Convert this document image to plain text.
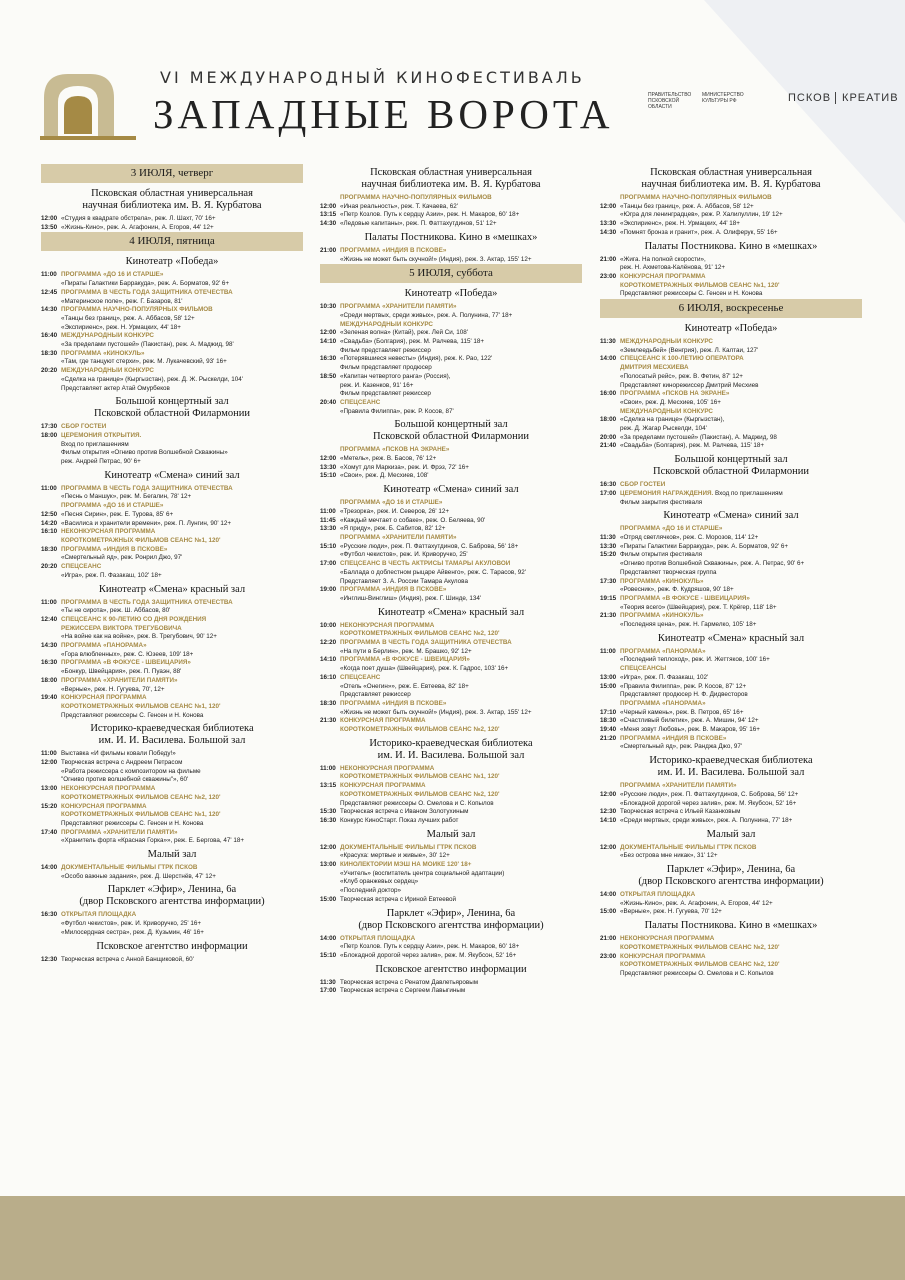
VI МЕЖДУНАРОДНЫЙ КИНОФЕСТИВАЛЬ
ЗАПАДНЫЕ ВОРОТА	ПРАВИТЕЛЬСТВО ПСКОВСКОЙ ОБЛАСТИ
МИНИСТЕРСТВО КУЛЬТУРЫ РФ	ПСКОВ КРЕАТИВ
3 ИЮЛЯ, четверг
Псковская областная универсальная
научная библиотека им. В. Я. Курбатова
12:00 «Студия в квадрате обстрела», реж. Л. Шахт, 70' 16+
13:50 «Жизнь-Кино», реж. А. Агафонин, А. Егоров, 44' 12+
4 ИЮЛЯ, пятница
Кинотеатр «Победа»
11:00 ПРОГРАММА «ДО 16 И СТАРШЕ»
«Пираты Галактики Барракуда», реж. А. Борматов, 92' 6+
12:45 ПРОГРАММА В ЧЕСТЬ ГОДА ЗАЩИТНИКА ОТЕЧЕСТВА
«Материнское поле», реж. Г. Базаров, 81'
14:30 ПРОГРАММА НАУЧНО-ПОПУЛЯРНЫХ ФИЛЬМОВ
«Танцы без границ», реж. А. Аббасов, 58' 12+
«Экспириенс», реж. Н. Урмацких, 44' 18+
16:40 МЕЖДУНАРОДНЫЙ КОНКУРС
«За пределами пустошей» (Пакистан), реж. А. Маджид, 98'
18:30 ПРОГРАММА «КИНОКУЛЬ»
«Там, где танцуют стерхи», реж. М. Лукачевский, 93' 16+
20:20 МЕЖДУНАРОДНЫЙ КОНКУРС
«Сделка на границе» (Кыргызстан), реж. Д. Ж. Рыскелди, 104'
Представляет актер Атай Омурбеков
Большой концертный зал
Псковской областной Филармонии
17:30 СБОР ГОСТЕЙ
18:00 ЦЕРЕМОНИЯ ОТКРЫТИЯ.
Вход по приглашениям
Фильм открытия «Огниво против Волшебной Скважины»
реж. Андрей Петрас, 90' 6+
Кинотеатр «Смена» синий зал
11:00 ПРОГРАММА В ЧЕСТЬ ГОДА ЗАЩИТНИКА ОТЕЧЕСТВА
«Песнь о Маншук», реж. М. Бегалин, 78' 12+
ПРОГРАММА «ДО 16 И СТАРШЕ»
12:50 «Песня Сирин», реж. Е. Турова, 85' 6+
14:20 «Василиса и хранители времени», реж. П. Лунгин, 90' 12+
16:10 НЕКОНКУРСНАЯ ПРОГРАММА
КОРОТКОМЕТРАЖНЫХ ФИЛЬМОВ СЕАНС №1, 120'
18:30 ПРОГРАММА «ИНДИЯ В ПСКОВЕ»
«Смертельный яд», реж. Ронрил Джо, 97'
20:20 СПЕЦСЕАНС
«Игра», реж. П. Фазакаш, 102' 18+
Кинотеатр «Смена» красный зал
11:00 ПРОГРАММА В ЧЕСТЬ ГОДА ЗАЩИТНИКА ОТЕЧЕСТВА
«Ты не сирота», реж. Ш. Аббасов, 80'
12:40 СПЕЦСЕАНС К 90-ЛЕТИЮ СО ДНЯ РОЖДЕНИЯ
РЕЖИССЕРА ВИКТОРА ТРЕГУБОВИЧА
«На войне как на войне», реж. В. Трегубович, 90' 12+
14:30 ПРОГРАММА «ПАНОРАМА»
«Гора влюбленных», реж. С. Юзеев, 109' 18+
16:30 ПРОГРАММА «В ФОКУСЕ - ШВЕЙЦАРИЯ»
«Бонкур, Швейцария», реж. П. Пуаэн, 88'
18:00 ПРОГРАММА «ХРАНИТЕЛИ ПАМЯТИ»
«Верные», реж. Н. Гугуева, 70', 12+
19:40 КОНКУРСНАЯ ПРОГРАММА
КОРОТКОМЕТРАЖНЫХ ФИЛЬМОВ СЕАНС №1, 120'
Представляют режиссеры С. Генсен и Н. Конова
Историко-краеведческая библиотека
им. И. И. Василева. Большой зал
11:00 Выставка «И фильмы ковали Победу!»
12:00 Творческая встреча с Андреем Петрасом
«Работа режиссера с композитором на фильме
"Огниво против волшебной скважины"», 60'
13:00 НЕКОНКУРСНАЯ ПРОГРАММА
КОРОТКОМЕТРАЖНЫХ ФИЛЬМОВ СЕАНС №2, 120'
15:20 КОНКУРСНАЯ ПРОГРАММА
КОРОТКОМЕТРАЖНЫХ ФИЛЬМОВ СЕАНС №1, 120'
Представляют режиссеры С. Генсен и Н. Конова
17:40 ПРОГРАММА «ХРАНИТЕЛИ ПАМЯТИ»
«Хранитель форта «Красная Горка»», реж. Е. Бергова, 47' 18+
Малый зал
14:00 ДОКУМЕНТАЛЬНЫЕ ФИЛЬМЫ ГТРК ПСКОВ
«Особо важные задания», реж. Д. Шерстнёв, 47' 12+
Парклет «Эфир», Ленина, 6а
(двор Псковского агентства информации)
16:30 ОТКРЫТАЯ ПЛОЩАДКА
«Футбол чекистов», реж. И. Криворучко, 25' 16+
«Милосердная сестра», реж. Д. Кузьмин, 46' 16+
Псковское агентство информации
12:30 Творческая встреча с Анной Банщиковой, 60'
Псковская областная универсальная
научная библиотека им. В. Я. Курбатова
ПРОГРАММА НАУЧНО-ПОПУЛЯРНЫХ ФИЛЬМОВ
12:00 «Иная реальность», реж. Т. Качаева, 62'
13:15 «Петр Козлов. Путь к сердцу Азии», реж. Н. Макаров, 60' 18+
14:30 «Ледовые капитаны», реж. П. Фаттахутдинов, 51' 12+
Палаты Постникова. Кино в «мешках»
21:00 ПРОГРАММА «ИНДИЯ В ПСКОВЕ»
«Жизнь не может быть скучной!» (Индия), реж. З. Актар, 155' 12+
5 ИЮЛЯ, суббота
Кинотеатр «Победа»
10:30 ПРОГРАММА «ХРАНИТЕЛИ ПАМЯТИ»
«Среди мертвых, среди живых», реж. А. Полунина, 77' 18+
МЕЖДУНАРОДНЫЙ КОНКУРС
12:00 «Зеленая волна» (Китай), реж. Лей Си, 108'
14:10 «Свадьба» (Болгария), реж. М. Ралчева, 115' 18+
Фильм представляет режиссер
16:30 «Потерявшиеся невесты» (Индия), реж. К. Рао, 122'
Фильм представляет продюсер
18:50 «Капитан четвертого ранга» (Россия),
реж. И. Казенков, 91' 16+
Фильм представляет режиссер
20:40 СПЕЦСЕАНС
«Правила Филиппа», реж. Р. Косов, 87'
Большой концертный зал
Псковской областной Филармонии
ПРОГРАММА «ПСКОВ НА ЭКРАНЕ»
12:00 «Метель», реж. В. Басов, 76' 12+
13:30 «Хомут для Маркиза», реж. И. Фрэз, 72' 16+
15:10 «Свои», реж. Д. Месхиев, 108'
Кинотеатр «Смена» синий зал
ПРОГРАММА «ДО 16 И СТАРШЕ»
11:00 «Трезорка», реж. И. Северов, 26' 12+
11:45 «Каждый мечтает о собаке», реж. О. Беляева, 90'
13:30 «Я приду», реж. Б. Сабитов, 82' 12+
ПРОГРАММА «ХРАНИТЕЛИ ПАМЯТИ»
15:10 «Русские люди», реж. П. Фаттахутдинов, С. Баброва, 56' 18+
«Футбол чекистов», реж. И. Криворучко, 25'
17:00 СПЕЦСЕАНС В ЧЕСТЬ АКТРИСЫ ТАМАРЫ АКУЛОВОЙ
«Баллада о доблестном рыцаре Айвенго», реж. С. Тарасов, 92'
Представляет З. А. России Тамара Акулова
19:00 ПРОГРАММА «ИНДИЯ В ПСКОВЕ»
«Инглиш-Винглиш» (Индия), реж. Г. Шинде, 134'
Кинотеатр «Смена» красный зал
10:00 НЕКОНКУРСНАЯ ПРОГРАММА
КОРОТКОМЕТРАЖНЫХ ФИЛЬМОВ СЕАНС №2, 120'
12:20 ПРОГРАММА В ЧЕСТЬ ГОДА ЗАЩИТНИКА ОТЕЧЕСТВА
«На пути в Берлин», реж. М. Брашко, 92' 12+
14:10 ПРОГРАММА «В ФОКУСЕ - ШВЕЙЦАРИЯ»
«Когда поет душа» (Швейцария), реж. К. Гадрос, 103' 16+
16:10 СПЕЦСЕАНС
«Отель «Онегин»», реж. Е. Евтеева, 82' 18+
Представляет режиссер
18:30 ПРОГРАММА «ИНДИЯ В ПСКОВЕ»
«Жизнь не может быть скучной!» (Индия), реж. З. Актар, 155' 12+
21:30 КОНКУРСНАЯ ПРОГРАММА
КОРОТКОМЕТРАЖНЫХ ФИЛЬМОВ СЕАНС №2, 120'
Историко-краеведческая библиотека
им. И. И. Василева. Большой зал
11:00 НЕКОНКУРСНАЯ ПРОГРАММА
КОРОТКОМЕТРАЖНЫХ ФИЛЬМОВ СЕАНС №1, 120'
13:15 КОНКУРСНАЯ ПРОГРАММА
КОРОТКОМЕТРАЖНЫХ ФИЛЬМОВ СЕАНС №2, 120'
Представляют режиссеры О. Смелова и С. Копылов
15:30 Творческая встреча с Иваном Золотухиным
16:30 Конкурс КиноСтарт. Показ лучших работ
Малый зал
12:00 ДОКУМЕНТАЛЬНЫЕ ФИЛЬМЫ ГТРК ПСКОВ
«Красуха: мертвые и живые», 30' 12+
13:00 КИНОЛЕКТОРИЙ МЭШ НА МОЙКЕ 120' 18+
«Учитель» (воспитатель центра социальной адаптации)
«Клуб оранжевых сердец»
«Последний доктор»
15:00 Творческая встреча с Ириной Евтеевой
Парклет «Эфир», Ленина, 6а
(двор Псковского агентства информации)
14:00 ОТКРЫТАЯ ПЛОЩАДКА
«Петр Козлов. Путь к сердцу Азии», реж. Н. Макаров, 60' 18+
15:10 «Блокадной дорогой через залив», реж. М. Якубсон, 52' 16+
Псковское агентство информации
11:30 Творческая встреча с Ренатом Давлетьяровым
17:00 Творческая встреча с Сергеем Лавыгиным
Псковская областная универсальная
научная библиотека им. В. Я. Курбатова
ПРОГРАММА НАУЧНО-ПОПУЛЯРНЫХ ФИЛЬМОВ
12:00 «Танцы без границ», реж. А. Аббасов, 58' 12+
«Югра для ленинградцев», реж. Р. Халилуллин, 19' 12+
13:30 «Экспириенс», реж. Н. Урмацких, 44' 18+
14:30 «Помнят бронза и гранит», реж. А. Олиферук, 55' 16+
Палаты Постникова. Кино в «мешках»
21:00 «Жига. На полной скорости»,
реж. Н. Ахметова-Калёнова, 91' 12+
23:00 КОНКУРСНАЯ ПРОГРАММА
КОРОТКОМЕТРАЖНЫХ ФИЛЬМОВ СЕАНС №1, 120'
Представляют режиссеры С. Генсен и Н. Конова
6 ИЮЛЯ, воскресенье
Кинотеатр «Победа»
11:30 МЕЖДУНАРОДНЫЙ КОНКУРС
«Землеедьбей» (Венгрия), реж. Л. Калтаи, 127'
14:00 СПЕЦСЕАНС К 100-ЛЕТИЮ ОПЕРАТОРА
ДМИТРИЯ МЕСХИЕВА
«Полосатый рейс», реж. В. Фетин, 87' 12+
Представляет кинорежиссер Дмитрий Месхиев
16:00 ПРОГРАММА «ПСКОВ НА ЭКРАНЕ»
«Свои», реж. Д. Месхиев, 105' 16+
МЕЖДУНАРОДНЫЙ КОНКУРС
18:00 «Сделка на границе» (Кыргызстан),
реж. Д. Жагар Рыскелди, 104'
20:00 «За пределами пустошей» (Пакистан), А. Маджид, 98
21:40 «Свадьба» (Болгария), реж. М. Ралчева, 115' 18+
Большой концертный зал
Псковской областной Филармонии
16:30 СБОР ГОСТЕЙ
17:00 ЦЕРЕМОНИЯ НАГРАЖДЕНИЯ. Вход по приглашениям
Фильм закрытия фестиваля
Кинотеатр «Смена» синий зал
ПРОГРАММА «ДО 16 И СТАРШЕ»
11:30 «Отряд светлячков», реж. С. Морозов, 114' 12+
13:30 «Пираты Галактики Барракуда», реж. А. Борматов, 92' 6+
15:20 Фильм открытия фестиваля
«Огниво против Волшебной Скважины», реж. А. Петрас, 90' 6+
Представляет творческая группа
17:30 ПРОГРАММА «КИНОКУЛЬ»
«Ровесник», реж. Ф. Кудряшов, 90' 18+
19:15 ПРОГРАММА «В ФОКУСЕ - ШВЕЙЦАРИЯ»
«Теория всего» (Швейцария), реж. Т. Крёгер, 118' 18+
21:30 ПРОГРАММА «КИНОКУЛЬ»
«Последняя цена», реж. Н. Гармелко, 105' 18+
Кинотеатр «Смена» красный зал
11:00 ПРОГРАММА «ПАНОРАМА»
«Последний теплоход», реж. И. Жеттяков, 100' 16+
СПЕЦСЕАНСЫ
13:00 «Игра», реж. П. Фазакаш, 102'
15:00 «Правила Филиппа», реж. Р. Косов, 87' 12+
Представляет продюсер Н. Ф. Дидвесторов
ПРОГРАММА «ПАНОРАМА»
17:10 «Черный камень», реж. В. Петров, 65' 16+
18:30 «Счастливый билетик», реж. А. Мишин, 94' 12+
19:40 «Меня зовут Любовь», реж. В. Макаров, 95' 16+
21:20 ПРОГРАММА «ИНДИЯ В ПСКОВЕ»
«Смертельный яд», реж. Ранджа Джо, 97'
Историко-краеведческая библиотека
им. И. И. Василева. Большой зал
ПРОГРАММА «ХРАНИТЕЛИ ПАМЯТИ»
12:00 «Русские люди», реж. П. Фаттахутдинов, С. Боброва, 56' 12+
«Блокадной дорогой через залив», реж. М. Якубсон, 52' 16+
12:30 Творческая встреча с Ильей Казанковым
14:10 «Среди мертвых, среди живых», реж. А. Полунина, 77' 18+
Малый зал
12:00 ДОКУМЕНТАЛЬНЫЕ ФИЛЬМЫ ГТРК ПСКОВ
«Без острова мне никак», 31' 12+
Парклет «Эфир», Ленина, 6а
(двор Псковского агентства информации)
14:00 ОТКРЫТАЯ ПЛОЩАДКА
«Жизнь-Кино», реж. А. Агафонин, А. Егоров, 44' 12+
15:00 «Верные», реж. Н. Гугуева, 70' 12+
Палаты Постникова. Кино в «мешках»
21:00 НЕКОНКУРСНАЯ ПРОГРАММА
КОРОТКОМЕТРАЖНЫХ ФИЛЬМОВ СЕАНС №2, 120'
23:00 КОНКУРСНАЯ ПРОГРАММА
КОРОТКОМЕТРАЖНЫХ ФИЛЬМОВ СЕАНС №2, 120'
Представляют режиссеры О. Смелова и С. Копылов
